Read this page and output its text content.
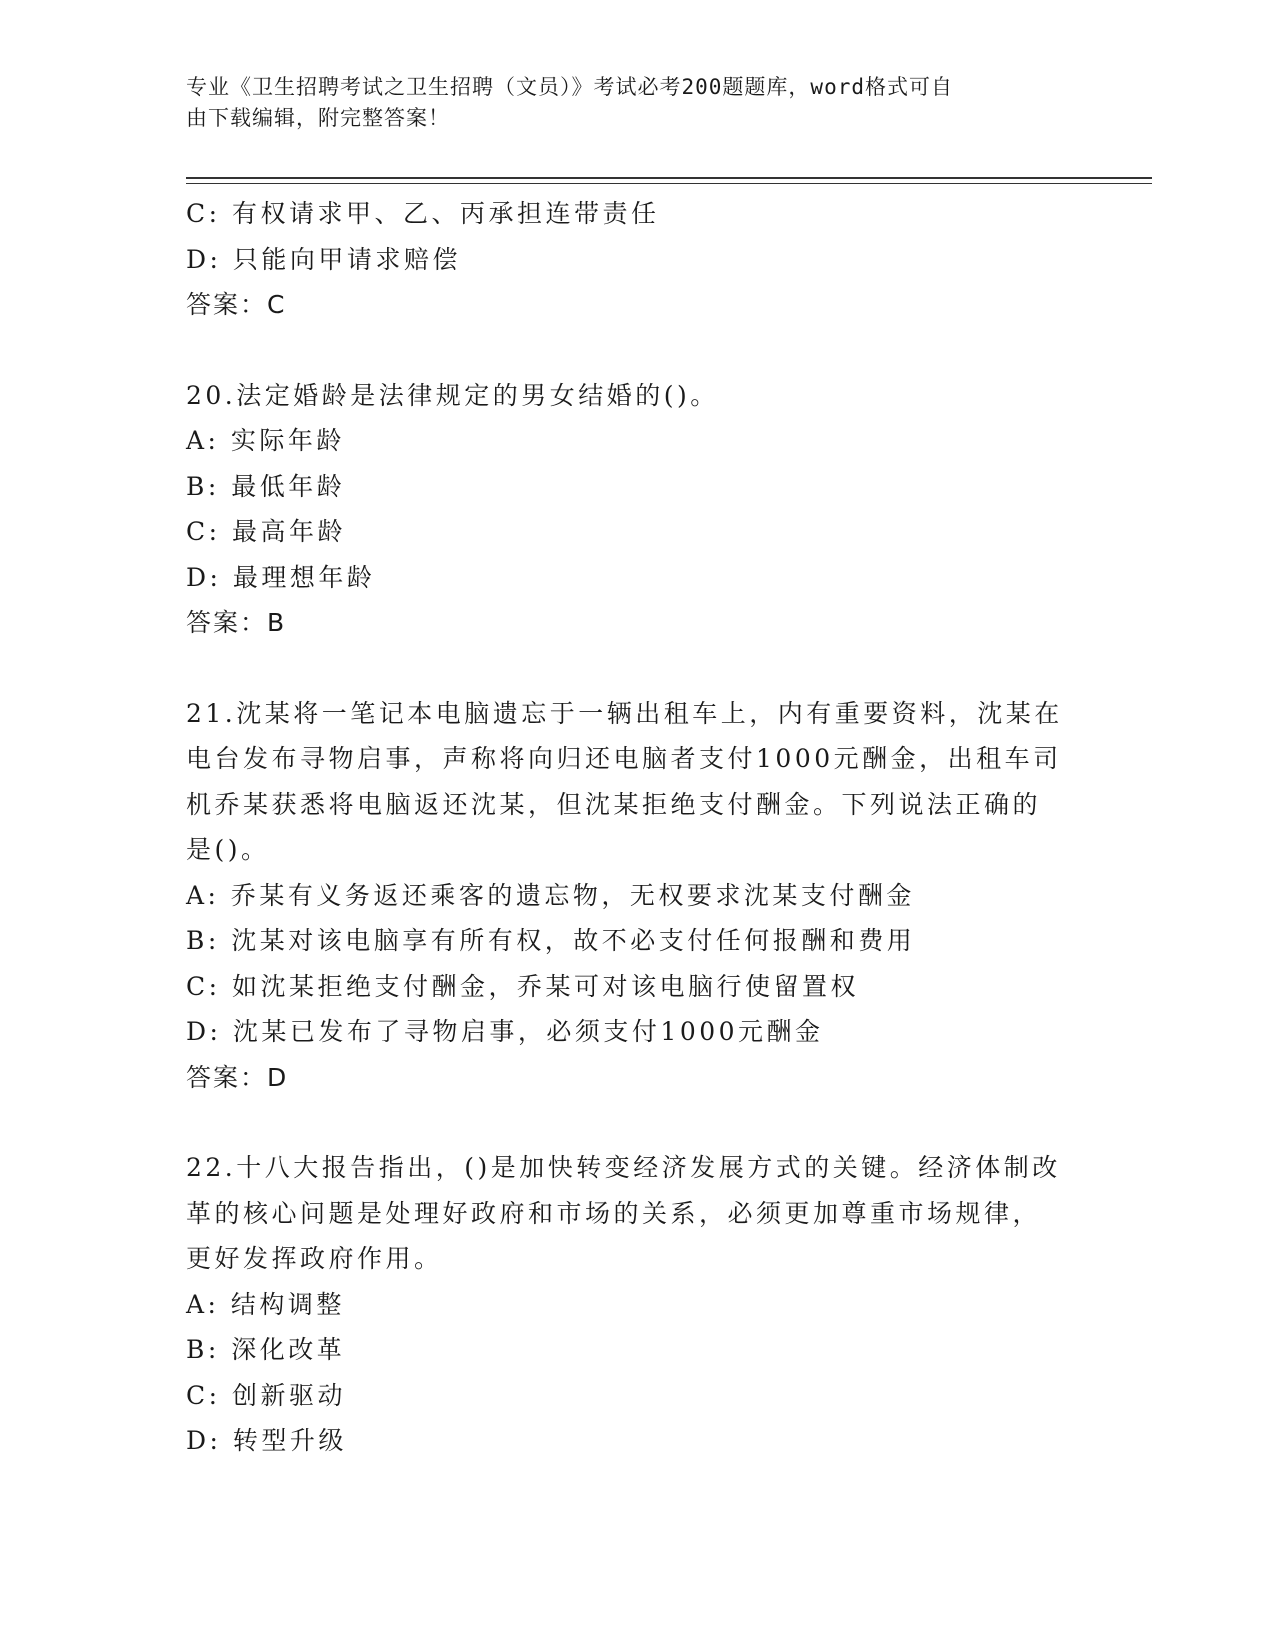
专业《卫生招聘考试之卫生招聘（文员）》考试必考200题题库，word格式可自
由下载编辑，附完整答案！
C: 有权请求甲、乙、丙承担连带责任
D: 只能向甲请求赔偿
答案：C
20.法定婚龄是法律规定的男女结婚的()。
A: 实际年龄
B: 最低年龄
C: 最高年龄
D: 最理想年龄
答案：B
21.沈某将一笔记本电脑遗忘于一辆出租车上，内有重要资料，沈某在
电台发布寻物启事，声称将向归还电脑者支付1000元酬金，出租车司
机乔某获悉将电脑返还沈某，但沈某拒绝支付酬金。下列说法正确的
是()。
A: 乔某有义务返还乘客的遗忘物，无权要求沈某支付酬金
B: 沈某对该电脑享有所有权，故不必支付任何报酬和费用
C: 如沈某拒绝支付酬金，乔某可对该电脑行使留置权
D: 沈某已发布了寻物启事，必须支付1000元酬金
答案：D
22.十八大报告指出，()是加快转变经济发展方式的关键。经济体制改
革的核心问题是处理好政府和市场的关系，必须更加尊重市场规律，
更好发挥政府作用。
A: 结构调整
B: 深化改革
C: 创新驱动
D: 转型升级
